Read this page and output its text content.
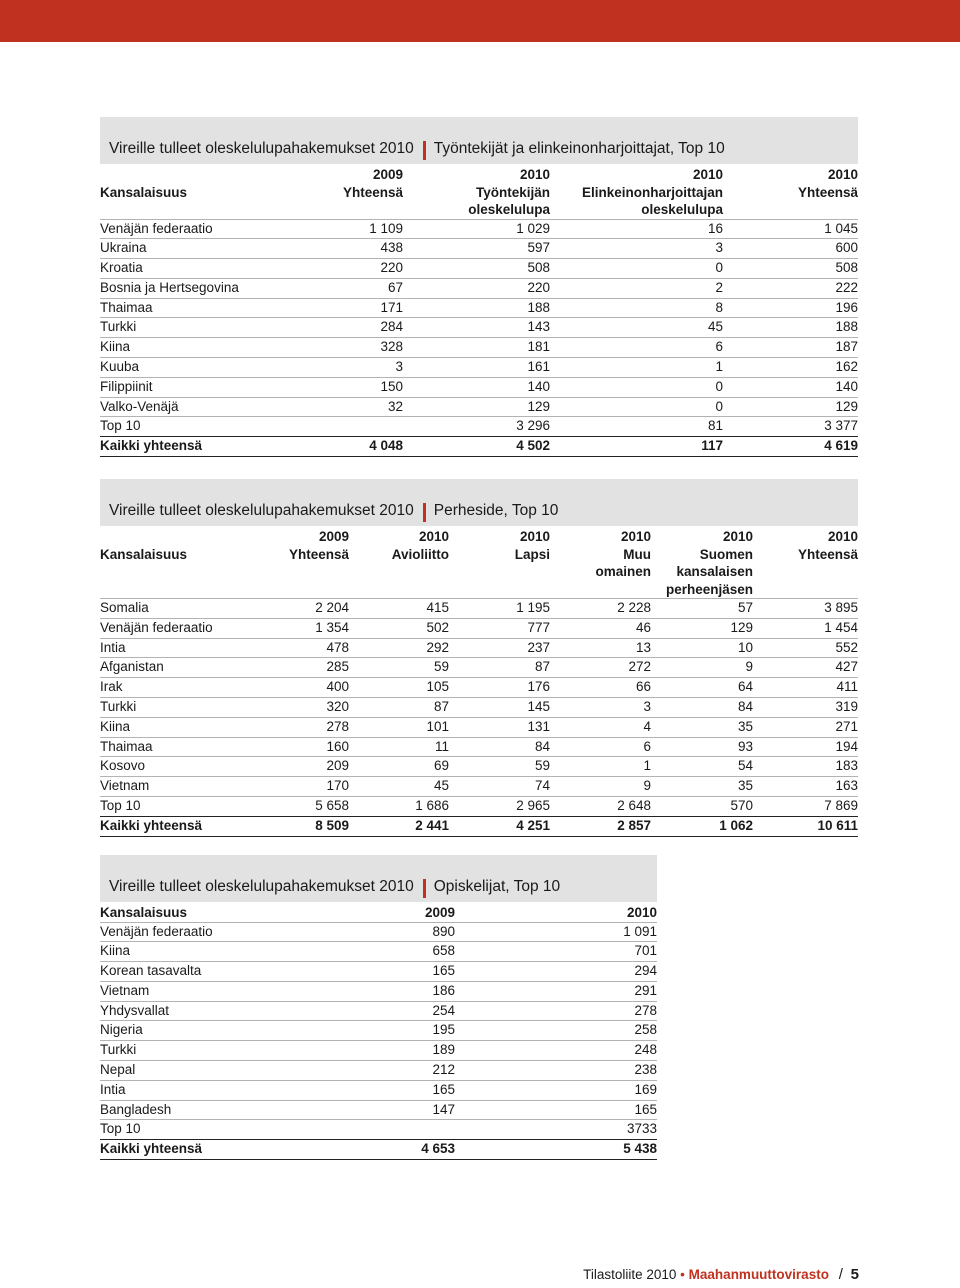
Vireille tulleet oleskelulupahakemukset 2010 Työntekijät ja elinkeinonharjoittajat, Top 10
	2009	2010	2010	2010
Kansalaisuus	Yhteensä	Työntekijän	Elinkeinonharjoittajan	Yhteensä
		oleskelulupa	oleskelulupa	
Venäjän federaatio	1 109	1 029	16	1 045
Ukraina	438	597	3	600
Kroatia	220	508	0	508
Bosnia ja Hertsegovina	67	220	2	222
Thaimaa	171	188	8	196
Turkki	284	143	45	188
Kiina	328	181	6	187
Kuuba	3	161	1	162
Filippiinit	150	140	0	140
Valko-Venäjä	32	129	0	129
Top 10		3 296	81	3 377
Kaikki yhteensä	4 048	4 502	117	4 619
Vireille tulleet oleskelulupahakemukset 2010 Perheside, Top 10
	2009	2010	2010	2010	2010	2010
Kansalaisuus	Yhteensä	Avioliitto	Lapsi	Muu	Suomen	Yhteensä
				omainen	kansalaisen	
					perheenjäsen	
Somalia	2 204	415	1 195	2 228	57	3 895
Venäjän federaatio	1 354	502	777	46	129	1 454
Intia	478	292	237	13	10	552
Afganistan	285	59	87	272	9	427
Irak	400	105	176	66	64	411
Turkki	320	87	145	3	84	319
Kiina	278	101	131	4	35	271
Thaimaa	160	11	84	6	93	194
Kosovo	209	69	59	1	54	183
Vietnam	170	45	74	9	35	163
Top 10	5 658	1 686	2 965	2 648	570	7 869
Kaikki yhteensä	8 509	2 441	4 251	2 857	1 062	10 611
Vireille tulleet oleskelulupahakemukset 2010 Opiskelijat, Top 10
Kansalaisuus	2009	2010
Venäjän federaatio	890	1 091
Kiina	658	701
Korean tasavalta	165	294
Vietnam	186	291
Yhdysvallat	254	278
Nigeria	195	258
Turkki	189	248
Nepal	212	238
Intia	165	169
Bangladesh	147	165
Top 10		3733
Kaikki yhteensä	4 653	5 438
Tilastoliite 2010 • Maahanmuuttovirasto / 5
